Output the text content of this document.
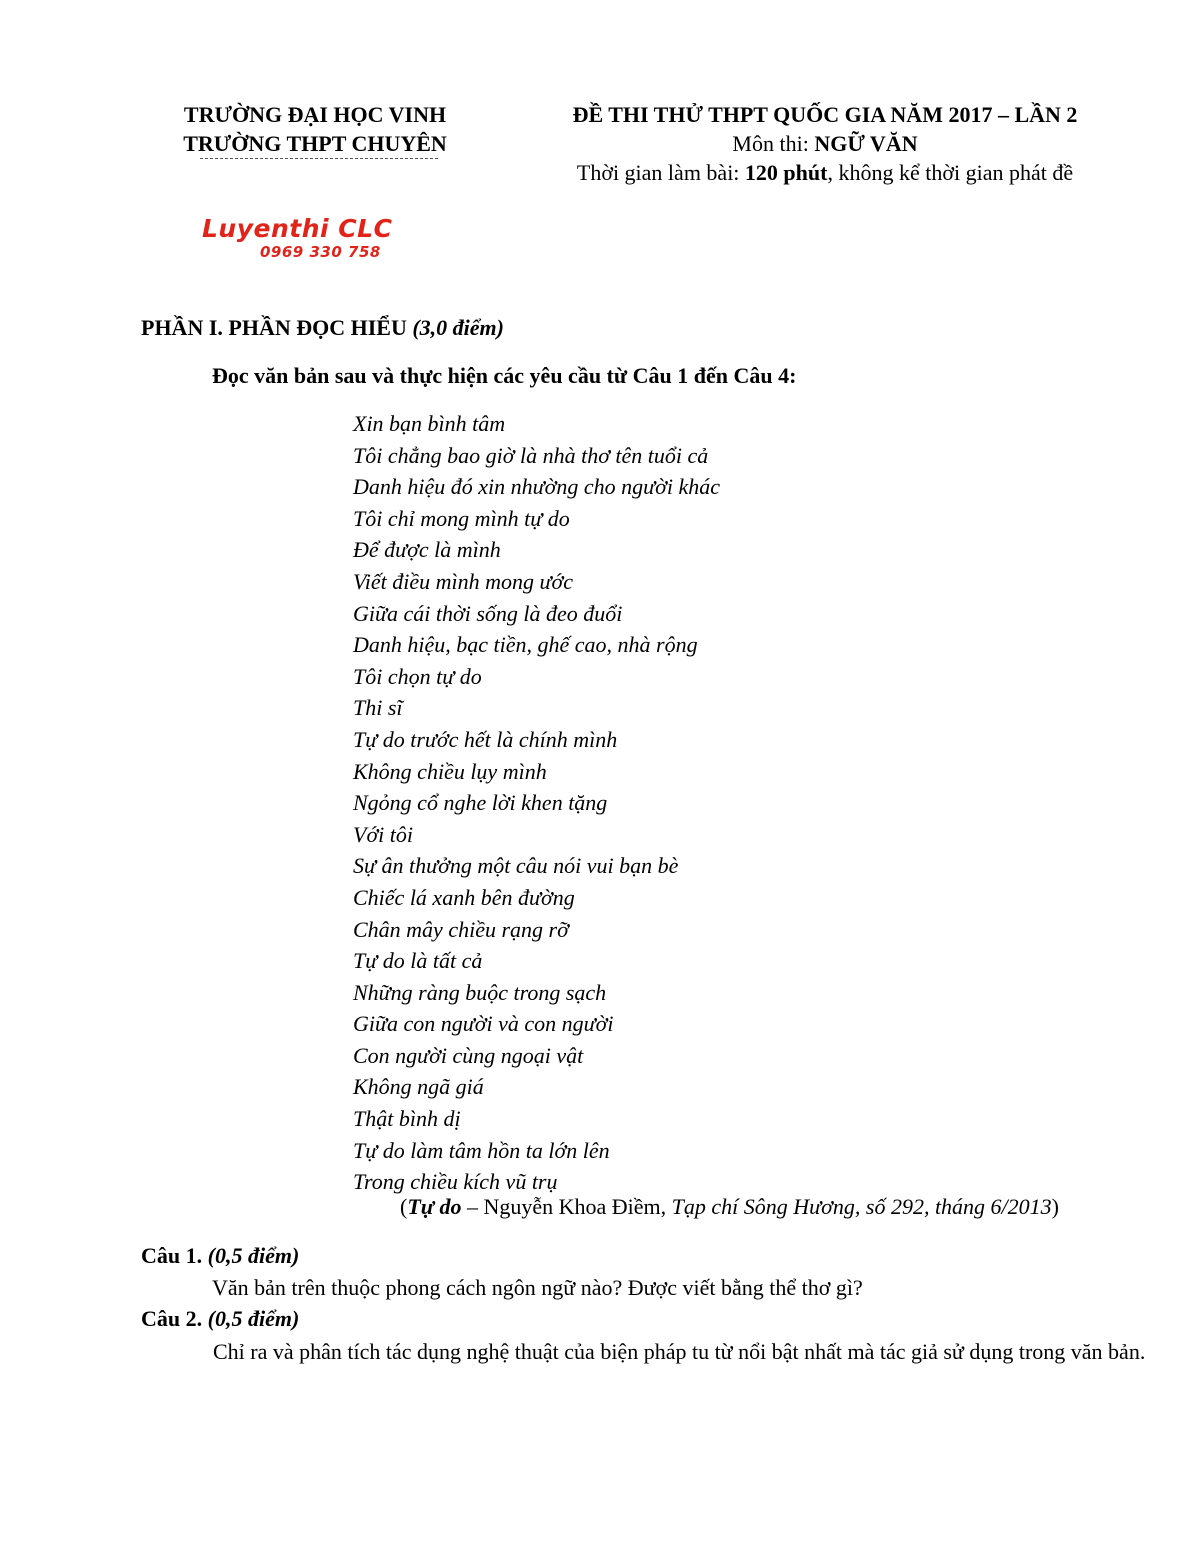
TRƯỜNG ĐẠI HỌC VINH
TRƯỜNG THPT CHUYÊN
ĐỀ THI THỬ THPT QUỐC GIA NĂM 2017 – LẦN 2
Môn thi: NGỮ VĂN
Thời gian làm bài: 120 phút, không kể thời gian phát đề
Luyenthi CLC
0969 330 758
PHẦN I. PHẦN ĐỌC HIỂU (3,0 điểm)
Đọc văn bản sau và thực hiện các yêu cầu từ Câu 1 đến Câu 4:
Xin bạn bình tâm
Tôi chẳng bao giờ là nhà thơ tên tuổi cả
Danh hiệu đó xin nhường cho người khác
Tôi chỉ mong mình tự do
Để được là mình
Viết điều mình mong ước
Giữa cái thời sống là đeo đuổi
Danh hiệu, bạc tiền, ghế cao, nhà rộng
Tôi chọn tự do
Thi sĩ
Tự do trước hết là chính mình
Không chiều lụy mình
Ngỏng cổ nghe lời khen tặng
Với tôi
Sự ân thưởng một câu nói vui bạn bè
Chiếc lá xanh bên đường
Chân mây chiều rạng rỡ
Tự do là tất cả
Những ràng buộc trong sạch
Giữa con người và con người
Con người cùng ngoại vật
Không ngã giá
Thật bình dị
Tự do làm tâm hồn ta lớn lên
Trong chiều kích vũ trụ
(Tự do – Nguyễn Khoa Điềm, Tạp chí Sông Hương, số 292, tháng 6/2013)
Câu 1. (0,5 điểm)
Văn bản trên thuộc phong cách ngôn ngữ nào? Được viết bằng thể thơ gì?
Câu 2. (0,5 điểm)
Chỉ ra và phân tích tác dụng nghệ thuật của biện pháp tu từ nổi bật nhất mà tác giả sử dụng trong văn bản.
